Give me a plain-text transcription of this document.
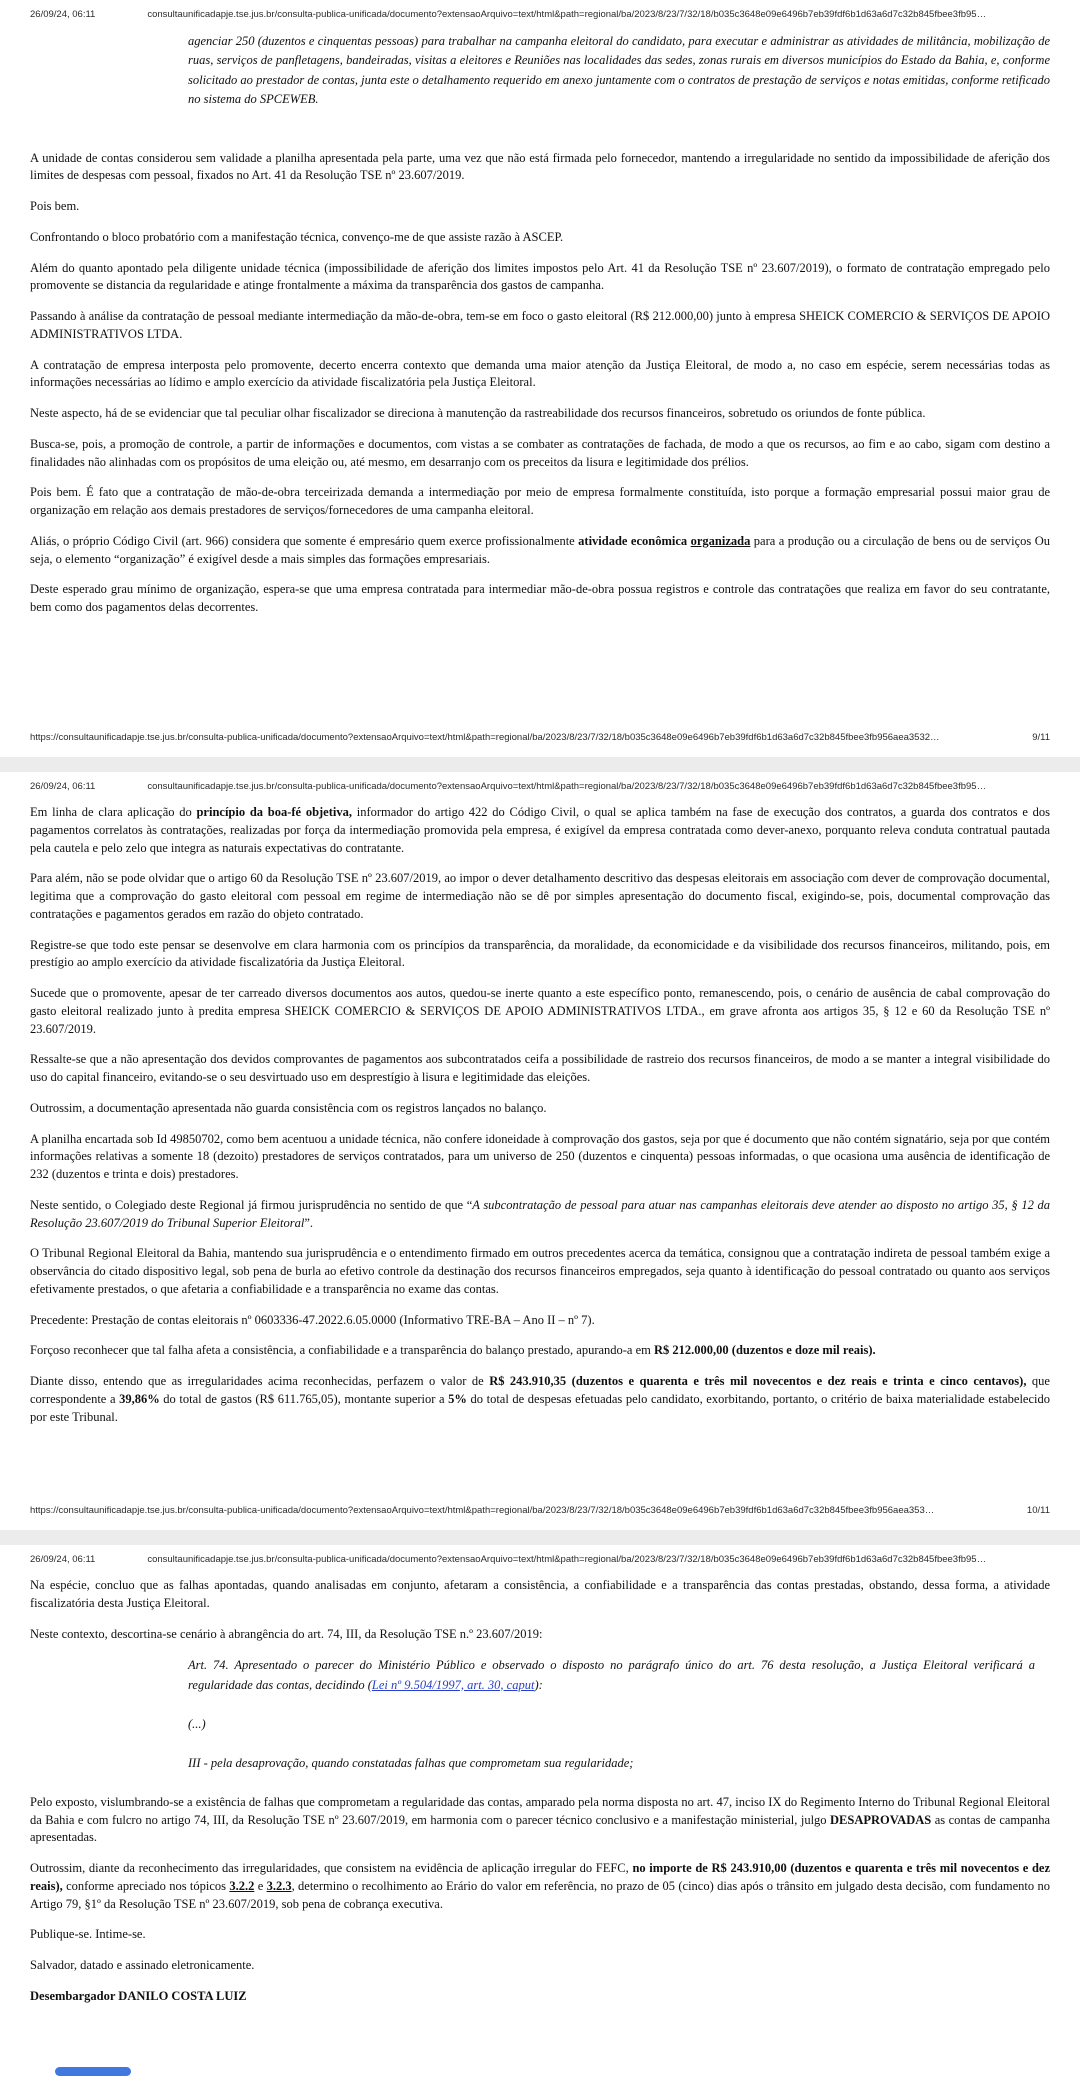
26/09/24, 06:11	consultaunificadapje.tse.jus.br/consulta-publica-unificada/documento?extensaoArquivo=text/html&path=regional/ba/2023/8/23/7/32/18/b035c3648e09e6496b7eb39fdf6b1d63a6d7c32b845fbee3fb95…
agenciar 250 (duzentos e cinquentas pessoas) para trabalhar na campanha eleitoral do candidato, para executar e administrar as atividades de militância, mobilização de ruas, serviços de panfletagens, bandeiradas, visitas a eleitores e Reuniões nas localidades das sedes, zonas rurais em diversos municípios do Estado da Bahia, e, conforme solicitado ao prestador de contas, junta este o detalhamento requerido em anexo juntamente com o contratos de prestação de serviços e notas emitidas, conforme retificado no sistema do SPCEWEB.
A unidade de contas considerou sem validade a planilha apresentada pela parte, uma vez que não está firmada pelo fornecedor, mantendo a irregularidade no sentido da impossibilidade de aferição dos limites de despesas com pessoal, fixados no Art. 41 da Resolução TSE nº 23.607/2019.
Pois bem.
Confrontando o bloco probatório com a manifestação técnica, convenço-me de que assiste razão à ASCEP.
Além do quanto apontado pela diligente unidade técnica (impossibilidade de aferição dos limites impostos pelo Art. 41 da Resolução TSE nº 23.607/2019), o formato de contratação empregado pelo promovente se distancia da regularidade e atinge frontalmente a máxima da transparência dos gastos de campanha.
Passando à análise da contratação de pessoal mediante intermediação da mão-de-obra, tem-se em foco o gasto eleitoral (R$ 212.000,00) junto à empresa SHEICK COMERCIO & SERVIÇOS DE APOIO ADMINISTRATIVOS LTDA.
A contratação de empresa interposta pelo promovente, decerto encerra contexto que demanda uma maior atenção da Justiça Eleitoral, de modo a, no caso em espécie, serem necessárias todas as informações necessárias ao lídimo e amplo exercício da atividade fiscalizatória pela Justiça Eleitoral.
Neste aspecto, há de se evidenciar que tal peculiar olhar fiscalizador se direciona à manutenção da rastreabilidade dos recursos financeiros, sobretudo os oriundos de fonte pública.
Busca-se, pois, a promoção de controle, a partir de informações e documentos, com vistas a se combater as contratações de fachada, de modo a que os recursos, ao fim e ao cabo, sigam com destino a finalidades não alinhadas com os propósitos de uma eleição ou, até mesmo, em desarranjo com os preceitos da lisura e legitimidade dos prélios.
Pois bem. É fato que a contratação de mão-de-obra terceirizada demanda a intermediação por meio de empresa formalmente constituída, isto porque a formação empresarial possui maior grau de organização em relação aos demais prestadores de serviços/fornecedores de uma campanha eleitoral.
Aliás, o próprio Código Civil (art. 966) considera que somente é empresário quem exerce profissionalmente atividade econômica organizada para a produção ou a circulação de bens ou de serviços Ou seja, o elemento “organização” é exigível desde a mais simples das formações empresariais.
Deste esperado grau mínimo de organização, espera-se que uma empresa contratada para intermediar mão-de-obra possua registros e controle das contratações que realiza em favor do seu contratante, bem como dos pagamentos delas decorrentes.
https://consultaunificadapje.tse.jus.br/consulta-publica-unificada/documento?extensaoArquivo=text/html&path=regional/ba/2023/8/23/7/32/18/b035c3648e09e6496b7eb39fdf6b1d63a6d7c32b845fbee3fb956aea3532…	9/11
26/09/24, 06:11	consultaunificadapje.tse.jus.br/consulta-publica-unificada/documento?extensaoArquivo=text/html&path=regional/ba/2023/8/23/7/32/18/b035c3648e09e6496b7eb39fdf6b1d63a6d7c32b845fbee3fb95…
Em linha de clara aplicação do princípio da boa-fé objetiva, informador do artigo 422 do Código Civil, o qual se aplica também na fase de execução dos contratos, a guarda dos contratos e dos pagamentos correlatos às contratações, realizadas por força da intermediação promovida pela empresa, é exigível da empresa contratada como dever-anexo, porquanto releva conduta contratual pautada pela cautela e pelo zelo que integra as naturais expectativas do contratante.
Para além, não se pode olvidar que o artigo 60 da Resolução TSE nº 23.607/2019, ao impor o dever detalhamento descritivo das despesas eleitorais em associação com dever de comprovação documental, legitima que a comprovação do gasto eleitoral com pessoal em regime de intermediação não se dê por simples apresentação do documento fiscal, exigindo-se, pois, documental comprovação das contratações e pagamentos gerados em razão do objeto contratado.
Registre-se que todo este pensar se desenvolve em clara harmonia com os princípios da transparência, da moralidade, da economicidade e da visibilidade dos recursos financeiros, militando, pois, em prestígio ao amplo exercício da atividade fiscalizatória da Justiça Eleitoral.
Sucede que o promovente, apesar de ter carreado diversos documentos aos autos, quedou-se inerte quanto a este específico ponto, remanescendo, pois, o cenário de ausência de cabal comprovação do gasto eleitoral realizado junto à predita empresa SHEICK COMERCIO & SERVIÇOS DE APOIO ADMINISTRATIVOS LTDA., em grave afronta aos artigos 35, § 12 e 60 da Resolução TSE nº 23.607/2019.
Ressalte-se que a não apresentação dos devidos comprovantes de pagamentos aos subcontratados ceifa a possibilidade de rastreio dos recursos financeiros, de modo a se manter a integral visibilidade do uso do capital financeiro, evitando-se o seu desvirtuado uso em desprestígio à lisura e legitimidade das eleições.
Outrossim, a documentação apresentada não guarda consistência com os registros lançados no balanço.
A planilha encartada sob Id 49850702, como bem acentuou a unidade técnica, não confere idoneidade à comprovação dos gastos, seja por que é documento que não contém signatário, seja por que contém informações relativas a somente 18 (dezoito) prestadores de serviços contratados, para um universo de 250 (duzentos e cinquenta) pessoas informadas, o que ocasiona uma ausência de identificação de 232 (duzentos e trinta e dois) prestadores.
Neste sentido, o Colegiado deste Regional já firmou jurisprudência no sentido de que “A subcontratação de pessoal para atuar nas campanhas eleitorais deve atender ao disposto no artigo 35, § 12 da Resolução 23.607/2019 do Tribunal Superior Eleitoral”.
O Tribunal Regional Eleitoral da Bahia, mantendo sua jurisprudência e o entendimento firmado em outros precedentes acerca da temática, consignou que a contratação indireta de pessoal também exige a observância do citado dispositivo legal, sob pena de burla ao efetivo controle da destinação dos recursos financeiros empregados, seja quanto à identificação do pessoal contratado ou quanto aos serviços efetivamente prestados, o que afetaria a confiabilidade e a transparência no exame das contas.
Precedente: Prestação de contas eleitorais nº 0603336-47.2022.6.05.0000 (Informativo TRE-BA – Ano II – nº 7).
Forçoso reconhecer que tal falha afeta a consistência, a confiabilidade e a transparência do balanço prestado, apurando-a em R$ 212.000,00 (duzentos e doze mil reais).
Diante disso, entendo que as irregularidades acima reconhecidas, perfazem o valor de R$ 243.910,35 (duzentos e quarenta e três mil novecentos e dez reais e trinta e cinco centavos), que correspondente a 39,86% do total de gastos (R$ 611.765,05), montante superior a 5% do total de despesas efetuadas pelo candidato, exorbitando, portanto, o critério de baixa materialidade estabelecido por este Tribunal.
https://consultaunificadapje.tse.jus.br/consulta-publica-unificada/documento?extensaoArquivo=text/html&path=regional/ba/2023/8/23/7/32/18/b035c3648e09e6496b7eb39fdf6b1d63a6d7c32b845fbee3fb956aea353…	10/11
26/09/24, 06:11	consultaunificadapje.tse.jus.br/consulta-publica-unificada/documento?extensaoArquivo=text/html&path=regional/ba/2023/8/23/7/32/18/b035c3648e09e6496b7eb39fdf6b1d63a6d7c32b845fbee3fb95…
Na espécie, concluo que as falhas apontadas, quando analisadas em conjunto, afetaram a consistência, a confiabilidade e a transparência das contas prestadas, obstando, dessa forma, a atividade fiscalizatória desta Justiça Eleitoral.
Neste contexto, descortina-se cenário à abrangência do art. 74, III, da Resolução TSE n.º 23.607/2019:
Art. 74. Apresentado o parecer do Ministério Público e observado o disposto no parágrafo único do art. 76 desta resolução, a Justiça Eleitoral verificará a regularidade das contas, decidindo (Lei nº 9.504/1997, art. 30, caput):
(...)
III - pela desaprovação, quando constatadas falhas que comprometam sua regularidade;
Pelo exposto, vislumbrando-se a existência de falhas que comprometam a regularidade das contas, amparado pela norma disposta no art. 47, inciso IX do Regimento Interno do Tribunal Regional Eleitoral da Bahia e com fulcro no artigo 74, III, da Resolução TSE nº 23.607/2019, em harmonia com o parecer técnico conclusivo e a manifestação ministerial, julgo DESAPROVADAS as contas de campanha apresentadas.
Outrossim, diante da reconhecimento das irregularidades, que consistem na evidência de aplicação irregular do FEFC, no importe de R$ 243.910,00 (duzentos e quarenta e três mil novecentos e dez reais), conforme apreciado nos tópicos 3.2.2 e 3.2.3, determino o recolhimento ao Erário do valor em referência, no prazo de 05 (cinco) dias após o trânsito em julgado desta decisão, com fundamento no Artigo 79, §1º da Resolução TSE nº 23.607/2019, sob pena de cobrança executiva.
Publique-se. Intime-se.
Salvador, datado e assinado eletronicamente.
Desembargador DANILO COSTA LUIZ
